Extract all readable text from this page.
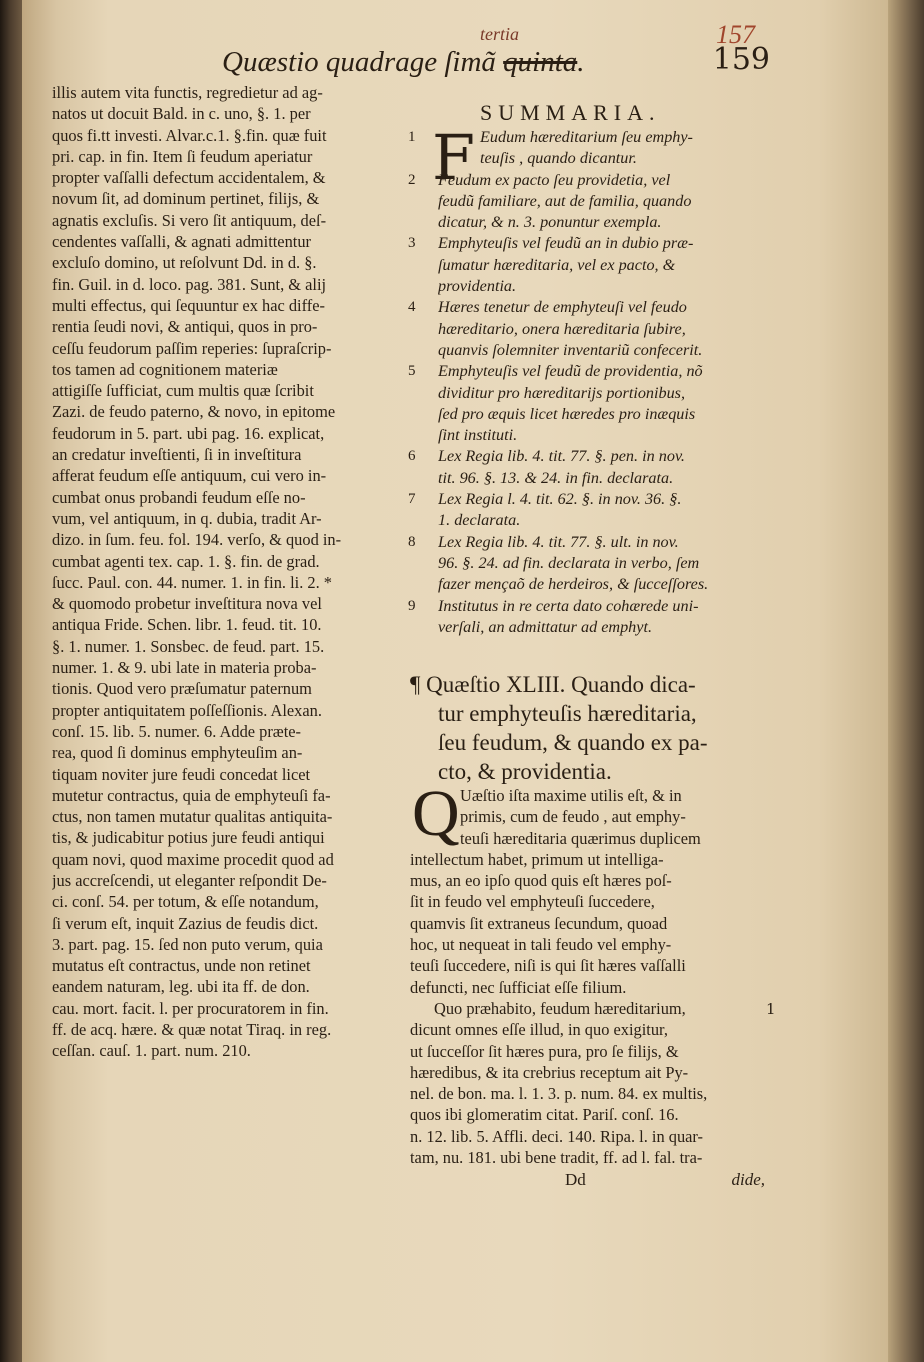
Quæstio quadrage ſimã quinta.
tertia	157
159
illis autem vita functis, regredietur ad ag-
natos ut docuit Bald. in c. uno, §. 1. per
quos fi.tt investi. Alvar.c.1. §.fin. quæ fuit
pri. cap. in fin. Item ſi feudum aperiatur
propter vaſſalli defectum accidentalem, &
novum ſit, ad dominum pertinet, filijs, &
agnatis excluſis. Si vero ſit antiquum, deſ-
cendentes vaſſalli, & agnati admittentur
excluſo domino, ut reſolvunt Dd. in d. §.
fin. Guil. in d. loco. pag. 381. Sunt, & alij
multi effectus, qui ſequuntur ex hac diffe-
rentia ſeudi novi, & antiqui, quos in pro-
ceſſu feudorum paſſim reperies: ſupraſcrip-
tos tamen ad cognitionem materiæ
attigiſſe ſufficiat, cum multis quæ ſcribit
Zazi. de feudo paterno, & novo, in epitome
feudorum in 5. part. ubi pag. 16. explicat,
an credatur inveſtienti, ſi in inveſtitura
afferat feudum eſſe antiquum, cui vero in-
cumbat onus probandi feudum eſſe no-
vum, vel antiquum, in q. dubia, tradit Ar-
dizo. in ſum. feu. fol. 194. verſo, & quod in-
cumbat agenti tex. cap. 1. §. fin. de grad.
ſucc. Paul. con. 44. numer. 1. in fin. li. 2. *
& quomodo probetur inveſtitura nova vel
antiqua Fride. Schen. libr. 1. feud. tit. 10.
§. 1. numer. 1. Sonsbec. de feud. part. 15.
numer. 1. & 9. ubi late in materia proba-
tionis. Quod vero præſumatur paternum
propter antiquitatem poſſeſſionis. Alexan.
conſ. 15. lib. 5. numer. 6. Adde præte-
rea, quod ſi dominus emphyteuſim an-
tiquam noviter jure feudi concedat licet
mutetur contractus, quia de emphyteuſi fa-
ctus, non tamen mutatur qualitas antiquita-
tis, & judicabitur potius jure feudi antiqui
quam novi, quod maxime procedit quod ad
jus accreſcendi, ut eleganter reſpondit De-
ci. conſ. 54. per totum, & eſſe notandum,
ſi verum eſt, inquit Zazius de feudis dict.
3. part. pag. 15. ſed non puto verum, quia
mutatus eſt contractus, unde non retinet
eandem naturam, leg. ubi ita ff. de don.
cau. mort. facit. l. per procuratorem in fin.
ff. de acq. hære. & quæ notat Tiraq. in reg.
ceſſan. cauſ. 1. part. num. 210.
SUMMARIA.
F
1	Eudum hæreditarium ſeu emphy-
teuſis , quando dicantur.
2	Feudum ex pacto ſeu providetia, vel
feudũ familiare, aut de familia, quando
dicatur, & n. 3. ponuntur exempla.
3	Emphyteuſis vel feudũ an in dubio præ-
ſumatur hæreditaria, vel ex pacto, &
providentia.
4	Hæres tenetur de emphyteuſi vel feudo
hæreditario, onera hæreditaria ſubire,
quanvis ſolemniter inventariũ confecerit.
5	Emphyteuſis vel feudũ de providentia, nõ
dividitur pro hæreditarijs portionibus,
ſed pro æquis licet hæredes pro inæquis
ſint instituti.
6	Lex Regia lib. 4. tit. 77. §. pen. in nov.
tit. 96. §. 13. & 24. in fin. declarata.
7	Lex Regia l. 4. tit. 62. §. in nov. 36. §.
1. declarata.
8	Lex Regia lib. 4. tit. 77. §. ult. in nov.
96. §. 24. ad fin. declarata in verbo, ſem
fazer mençaõ de herdeiros, & ſucceſſores.
9	Institutus in re certa dato cohærede uni-
verſali, an admittatur ad emphyt.
¶ Quæſtio XLIII. Quando dica-
tur emphyteuſis hæreditaria,
ſeu feudum, & quando ex pa-
cto, & providentia.
Q Uæſtio iſta maxime utilis eſt, & in
primis, cum de feudo , aut emphy-
teuſi hæreditaria quærimus duplicem
intellectum habet, primum ut intelliga-
mus, an eo ipſo quod quis eſt hæres poſ-
ſit in feudo vel emphyteuſi ſuccedere,
quamvis ſit extraneus ſecundum, quoad
hoc, ut nequeat in tali feudo vel emphy-
teuſi ſuccedere, niſi is qui ſit hæres vaſſalli
defuncti, nec ſufficiat eſſe filium.
Quo præhabito, feudum hæreditarium,
dicunt omnes eſſe illud, in quo exigitur,
ut ſucceſſor ſit hæres pura, pro ſe filijs, &
hæredibus, & ita crebrius receptum ait Py-
nel. de bon. ma. l. 1. 3. p. num. 84. ex multis,
quos ibi glomeratim citat. Pariſ. conſ. 16.
n. 12. lib. 5. Affli. deci. 140. Ripa. l. in quar-
tam, nu. 181. ubi bene tradit, ff. ad l. fal. tra-
1
Dd	dide,
